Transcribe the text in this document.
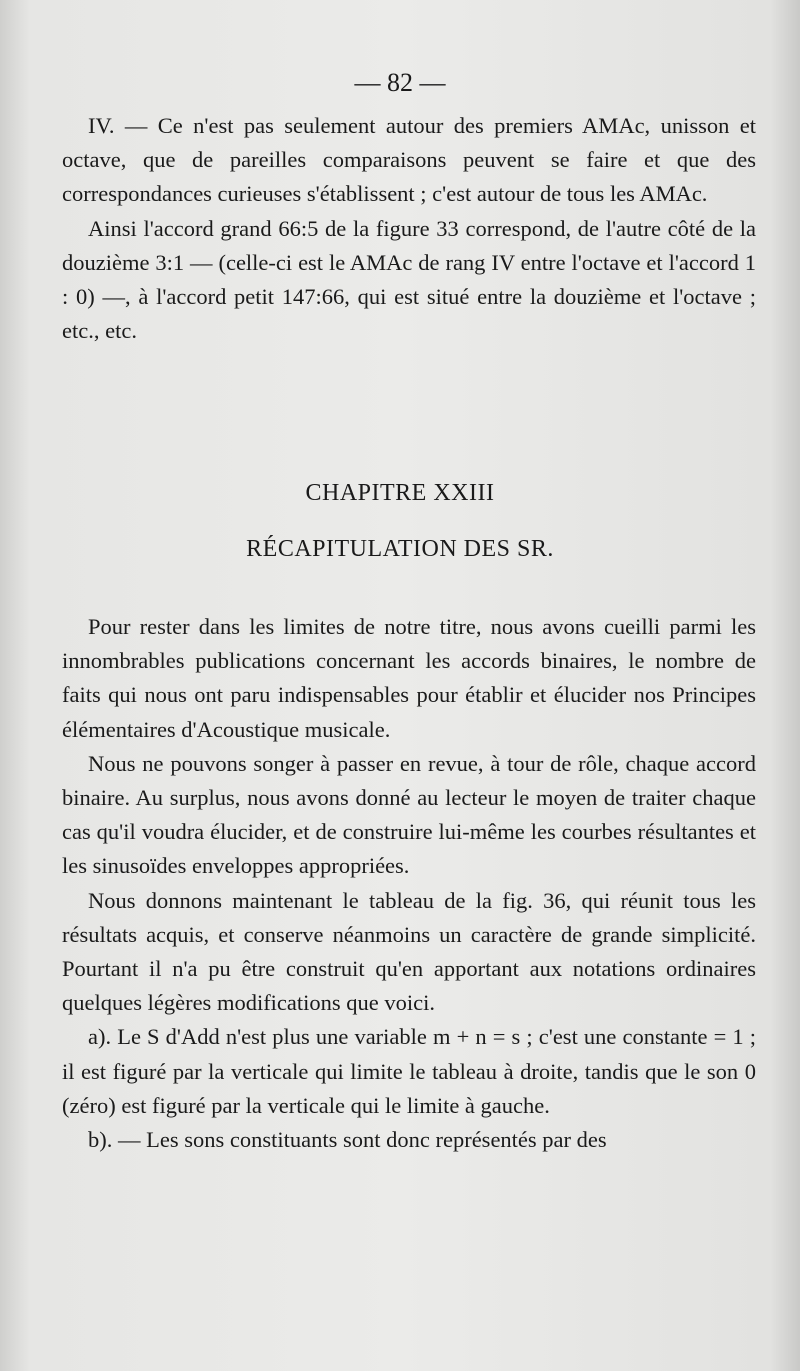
— 82 —

IV. — Ce n'est pas seulement autour des premiers AMAc, unisson et octave, que de pareilles comparaisons peuvent se faire et que des correspondances curieuses s'établissent ; c'est autour de tous les AMAc.

Ainsi l'accord grand 66:5 de la figure 33 correspond, de l'autre côté de la douzième 3:1 — (celle-ci est le AMAc de rang IV entre l'octave et l'accord 1 : 0) —, à l'accord petit 147:66, qui est situé entre la douzième et l'octave ; etc., etc.

CHAPITRE XXIII
RÉCAPITULATION DES SR.

Pour rester dans les limites de notre titre, nous avons cueilli parmi les innombrables publications concernant les accords binaires, le nombre de faits qui nous ont paru indispensables pour établir et élucider nos Principes élémentaires d'Acoustique musicale.

Nous ne pouvons songer à passer en revue, à tour de rôle, chaque accord binaire. Au surplus, nous avons donné au lecteur le moyen de traiter chaque cas qu'il voudra élucider, et de construire lui-même les courbes résultantes et les sinusoïdes enveloppes appropriées.

Nous donnons maintenant le tableau de la fig. 36, qui réunit tous les résultats acquis, et conserve néanmoins un caractère de grande simplicité. Pourtant il n'a pu être construit qu'en apportant aux notations ordinaires quelques légères modifications que voici.

a). Le S d'Add n'est plus une variable m + n = s ; c'est une constante = 1 ; il est figuré par la verticale qui limite le tableau à droite, tandis que le son 0 (zéro) est figuré par la verticale qui le limite à gauche.

b). — Les sons constituants sont donc représentés par des
